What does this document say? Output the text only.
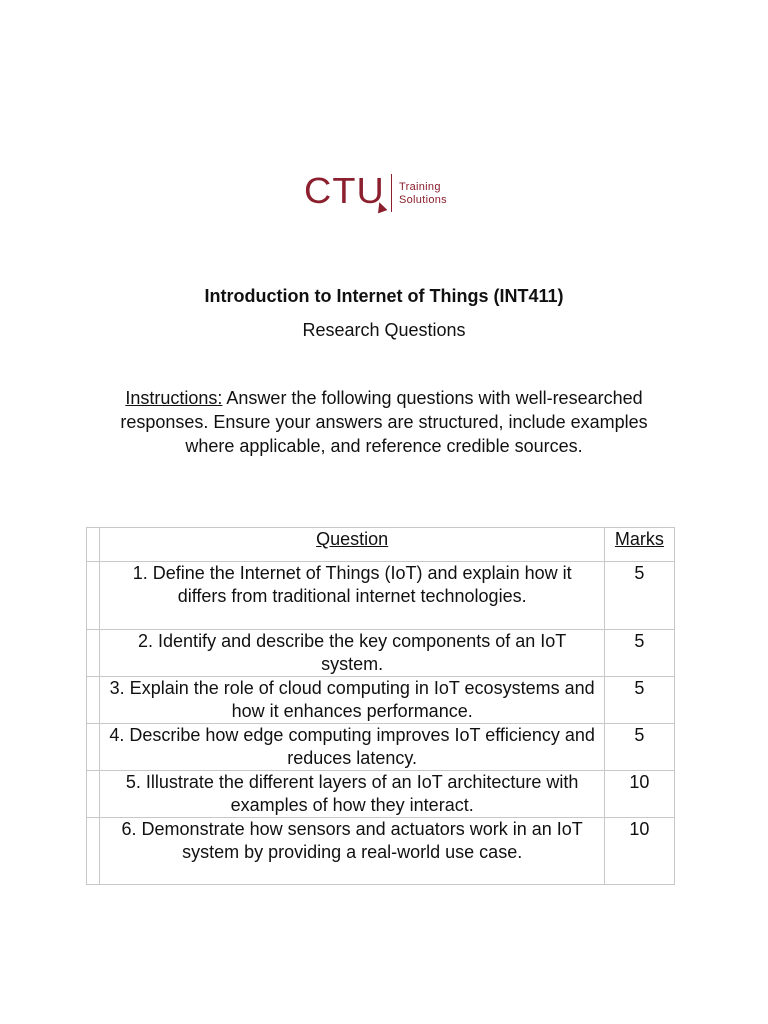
CTU Training
Solutions
Introduction to Internet of Things (INT411)
Research Questions
Instructions: Answer the following questions with well-researched responses. Ensure your answers are structured, include examples where applicable, and reference credible sources.
	Question	Marks
	1. Define the Internet of Things (IoT) and explain how it differs from traditional internet technologies.	5
	2. Identify and describe the key components of an IoT system.	5
	3. Explain the role of cloud computing in IoT ecosystems and how it enhances performance.	5
	4. Describe how edge computing improves IoT efficiency and reduces latency.	5
	5. Illustrate the different layers of an IoT architecture with examples of how they interact.	10
	6. Demonstrate how sensors and actuators work in an IoT system by providing a real-world use case.	10
